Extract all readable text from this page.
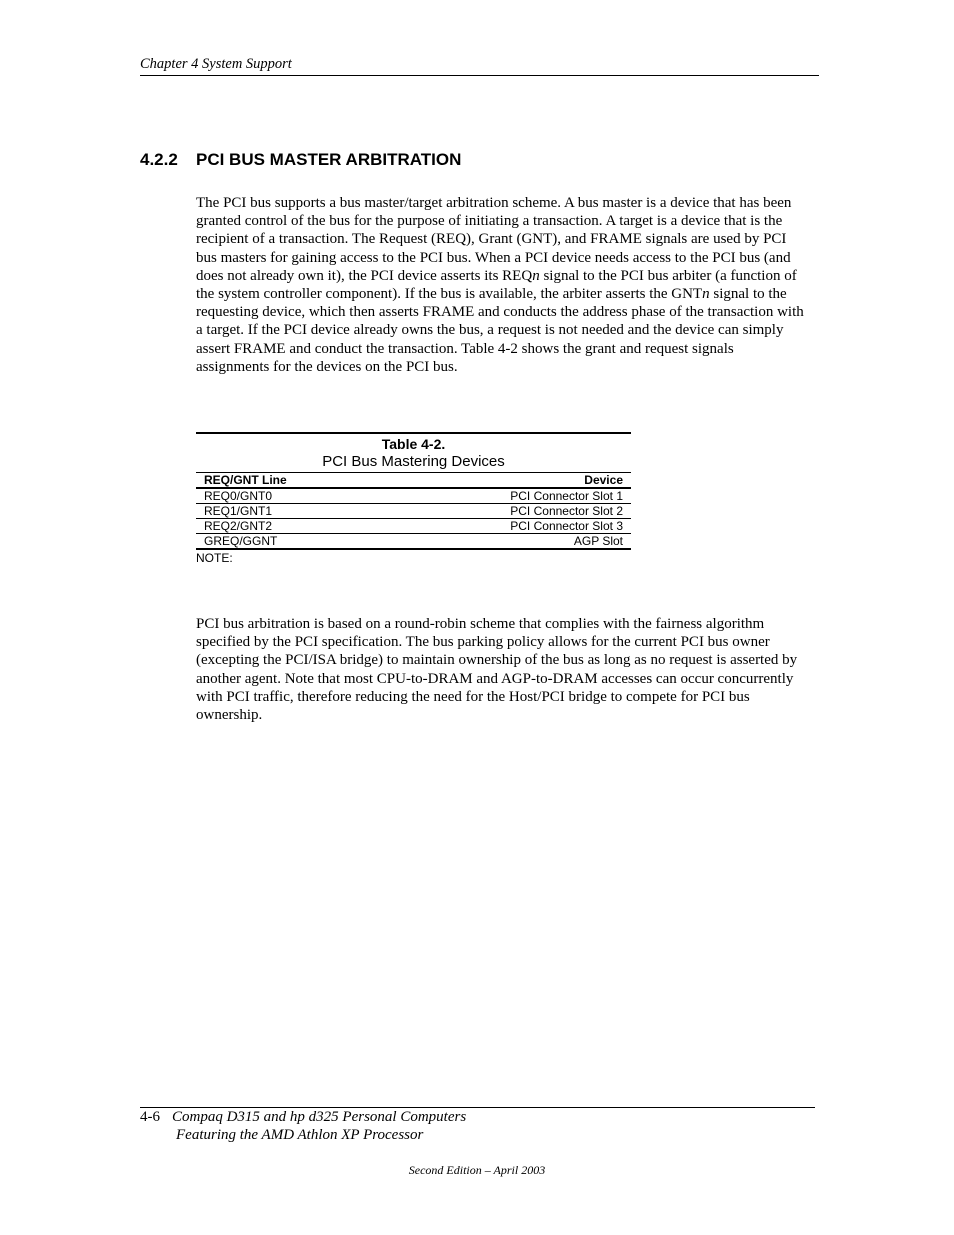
Chapter 4 System Support
4.2.2 PCI BUS MASTER ARBITRATION
The PCI bus supports a bus master/target arbitration scheme. A bus master is a device that has been granted control of the bus for the purpose of initiating a transaction. A target is a device that is the recipient of a transaction. The Request (REQ), Grant (GNT), and FRAME signals are used by PCI bus masters for gaining access to the PCI bus. When a PCI device needs access to the PCI bus (and does not already own it), the PCI device asserts its REQn signal to the PCI bus arbiter (a function of the system controller component). If the bus is available, the arbiter asserts the GNTn signal to the requesting device, which then asserts FRAME and conducts the address phase of the transaction with a target. If the PCI device already owns the bus, a request is not needed and the device can simply assert FRAME and conduct the transaction. Table 4-2 shows the grant and request signals assignments for the devices on the PCI bus.
Table 4-2.
PCI Bus Mastering Devices
REQ/GNT Line	Device
REQ0/GNT0	PCI Connector Slot 1
REQ1/GNT1	PCI Connector Slot 2
REQ2/GNT2	PCI Connector Slot 3
GREQ/GGNT	AGP Slot
NOTE:
PCI bus arbitration is based on a round-robin scheme that complies with the fairness algorithm specified by the PCI specification. The bus parking policy allows for the current PCI bus owner (excepting the PCI/ISA bridge) to maintain ownership of the bus as long as no request is asserted by another agent. Note that most CPU-to-DRAM and AGP-to-DRAM accesses can occur concurrently with PCI traffic, therefore reducing the need for the Host/PCI bridge to compete for PCI bus ownership.
4-6 Compaq D315 and hp d325 Personal Computers
Featuring the AMD Athlon XP Processor
Second Edition – April 2003
